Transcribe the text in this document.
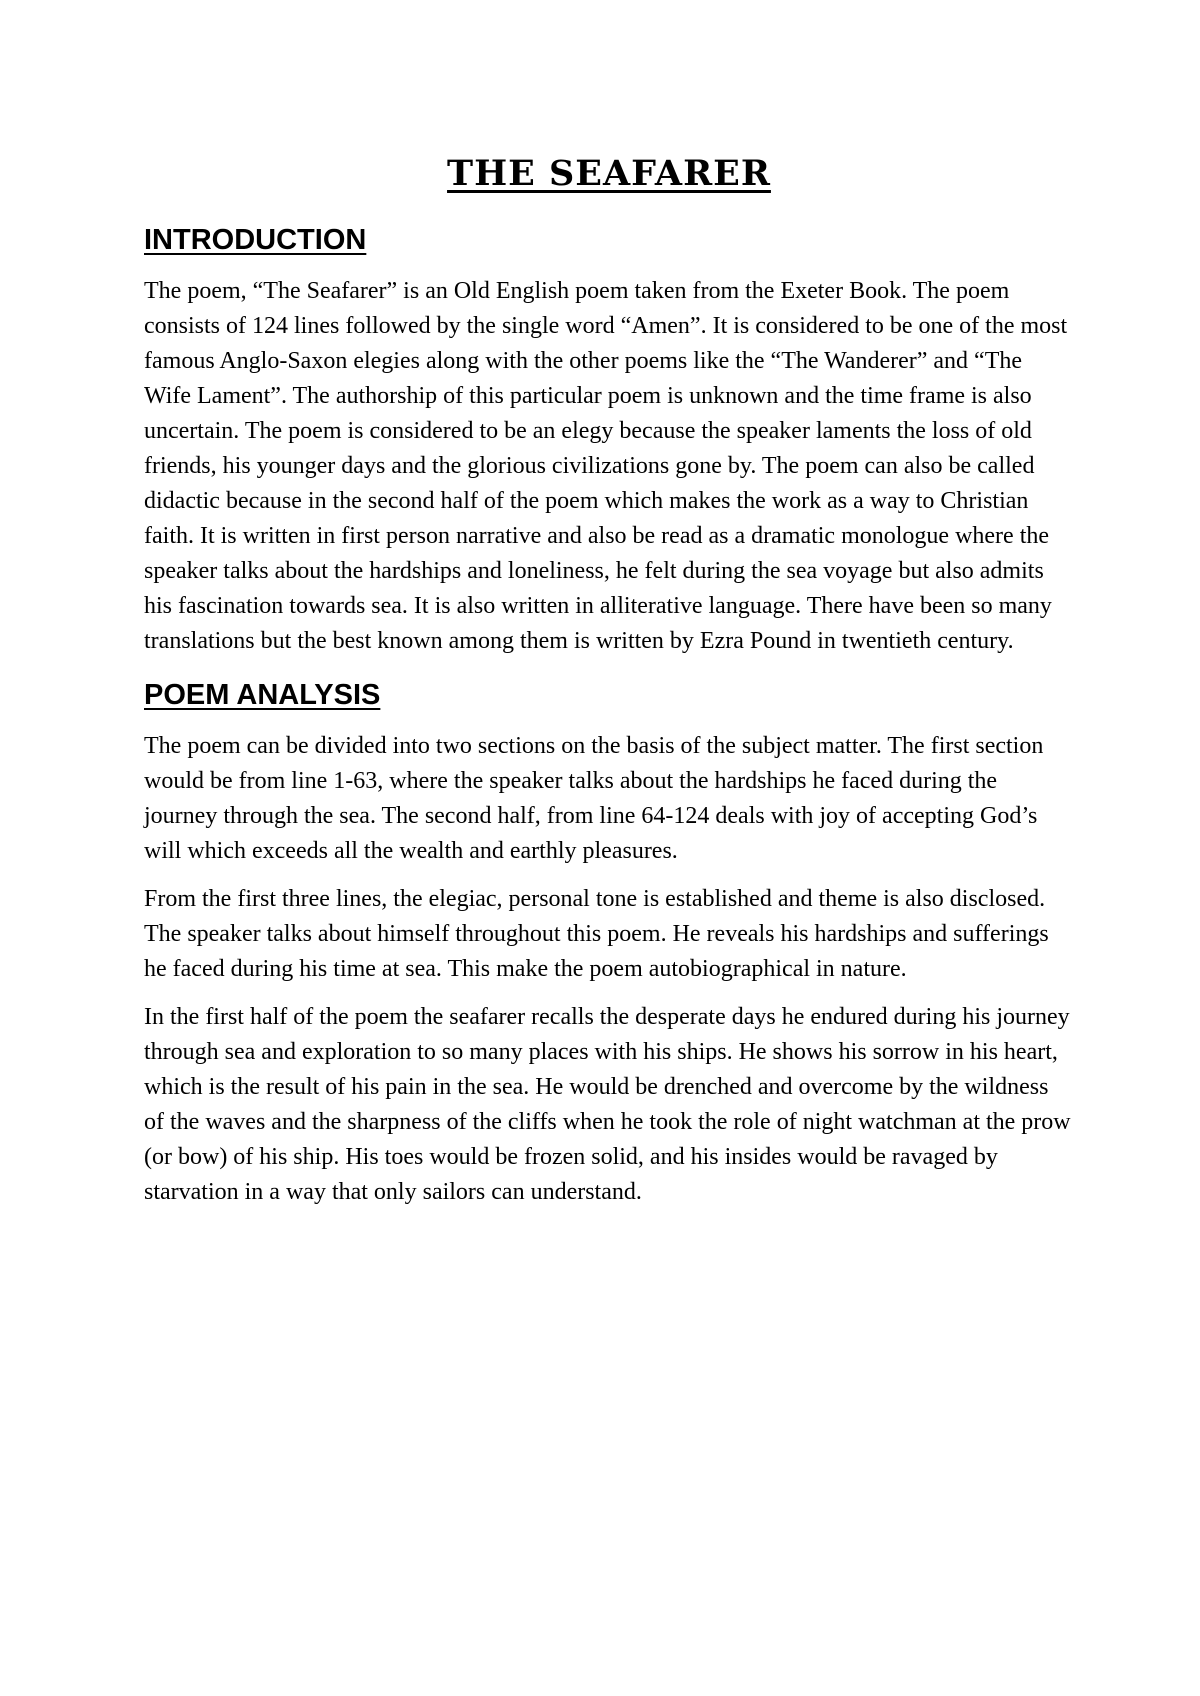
THE SEAFARER
INTRODUCTION

The poem, “The Seafarer” is an Old English poem taken from the Exeter Book. The poem consists of 124 lines followed by the single word “Amen”. It is considered to be one of the most famous Anglo-Saxon elegies along with the other poems like the “The Wanderer” and “The Wife Lament”. The authorship of this particular poem is unknown and the time frame is also uncertain. The poem is considered to be an elegy because the speaker laments the loss of old friends, his younger days and the glorious civilizations gone by. The poem can also be called didactic because in the second half of the poem which makes the work as a way to Christian faith. It is written in first person narrative and also be read as a dramatic monologue where the speaker talks about the hardships and loneliness, he felt during the sea voyage but also admits his fascination towards sea. It is also written in alliterative language. There have been so many translations but the best known among them is written by Ezra Pound in twentieth century.

POEM ANALYSIS

The poem can be divided into two sections on the basis of the subject matter. The first section would be from line 1-63, where the speaker talks about the hardships he faced during the journey through the sea. The second half, from line 64-124 deals with joy of accepting God’s will which exceeds all the wealth and earthly pleasures.

From the first three lines, the elegiac, personal tone is established and theme is also disclosed. The speaker talks about himself throughout this poem. He reveals his hardships and sufferings he faced during his time at sea. This make the poem autobiographical in nature.

In the first half of the poem the seafarer recalls the desperate days he endured during his journey through sea and exploration to so many places with his ships. He shows his sorrow in his heart, which is the result of his pain in the sea. He would be drenched and overcome by the wildness of the waves and the sharpness of the cliffs when he took the role of night watchman at the prow (or bow) of his ship. His toes would be frozen solid, and his insides would be ravaged by starvation in a way that only sailors can understand.
